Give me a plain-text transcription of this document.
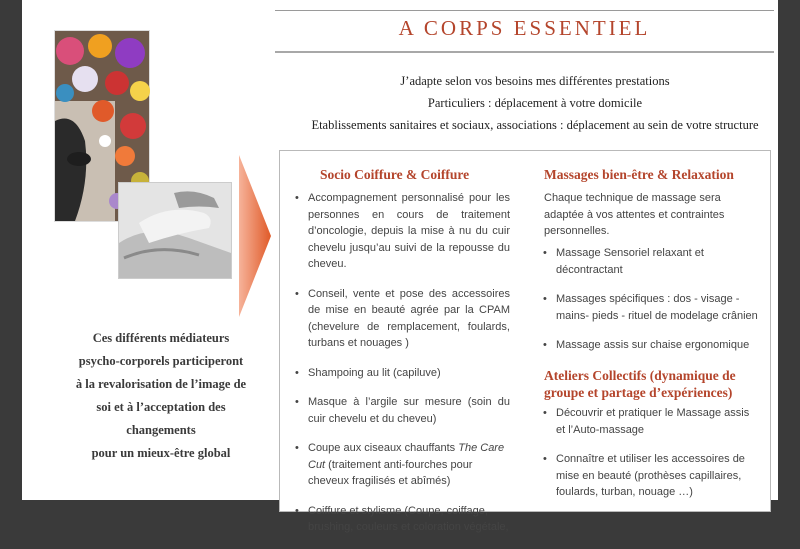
A CORPS ESSENTIEL
J’adapte selon vos besoins mes différentes prestations
Particuliers : déplacement à votre domicile
Etablissements sanitaires et sociaux, associations : déplacement au sein de votre structure
Ces différents médiateurs
psycho-corporels participeront
à la revalorisation de l’image de
soi et à l’acceptation des
changements
pour un mieux-être global
Socio Coiffure & Coiffure
• Accompagnement personnalisé pour les personnes en cours de traitement d’oncologie, depuis la mise à nu du cuir chevelu jusqu’au suivi de la repousse du cheveu.
• Conseil, vente et pose des accessoires de mise en beauté agrée par la CPAM (chevelure de remplacement, foulards, turbans et nouages )
• Shampoing au lit (capiluve)
• Masque à l’argile sur mesure (soin du cuir chevelu et du cheveu)
• Coupe aux ciseaux chauffants The Care Cut (traitement anti-fourches pour cheveux fragilisés et abîmés)
• Coiffure et stylisme (Coupe, coiffage, brushing, couleurs et coloration végétale,
Massages bien-être & Relaxation
Chaque technique de massage sera adaptée à vos attentes et contraintes personnelles.
• Massage Sensoriel relaxant et décontractant
• Massages spécifiques : dos - visage - mains- pieds - rituel de modelage crânien
• Massage assis sur chaise ergonomique
Ateliers Collectifs (dynamique de groupe et partage d’expériences)
• Découvrir et pratiquer le Massage assis et l’Auto-massage
• Connaître et utiliser les accessoires de mise en beauté (prothèses capillaires, foulards, turban, nouage …)
